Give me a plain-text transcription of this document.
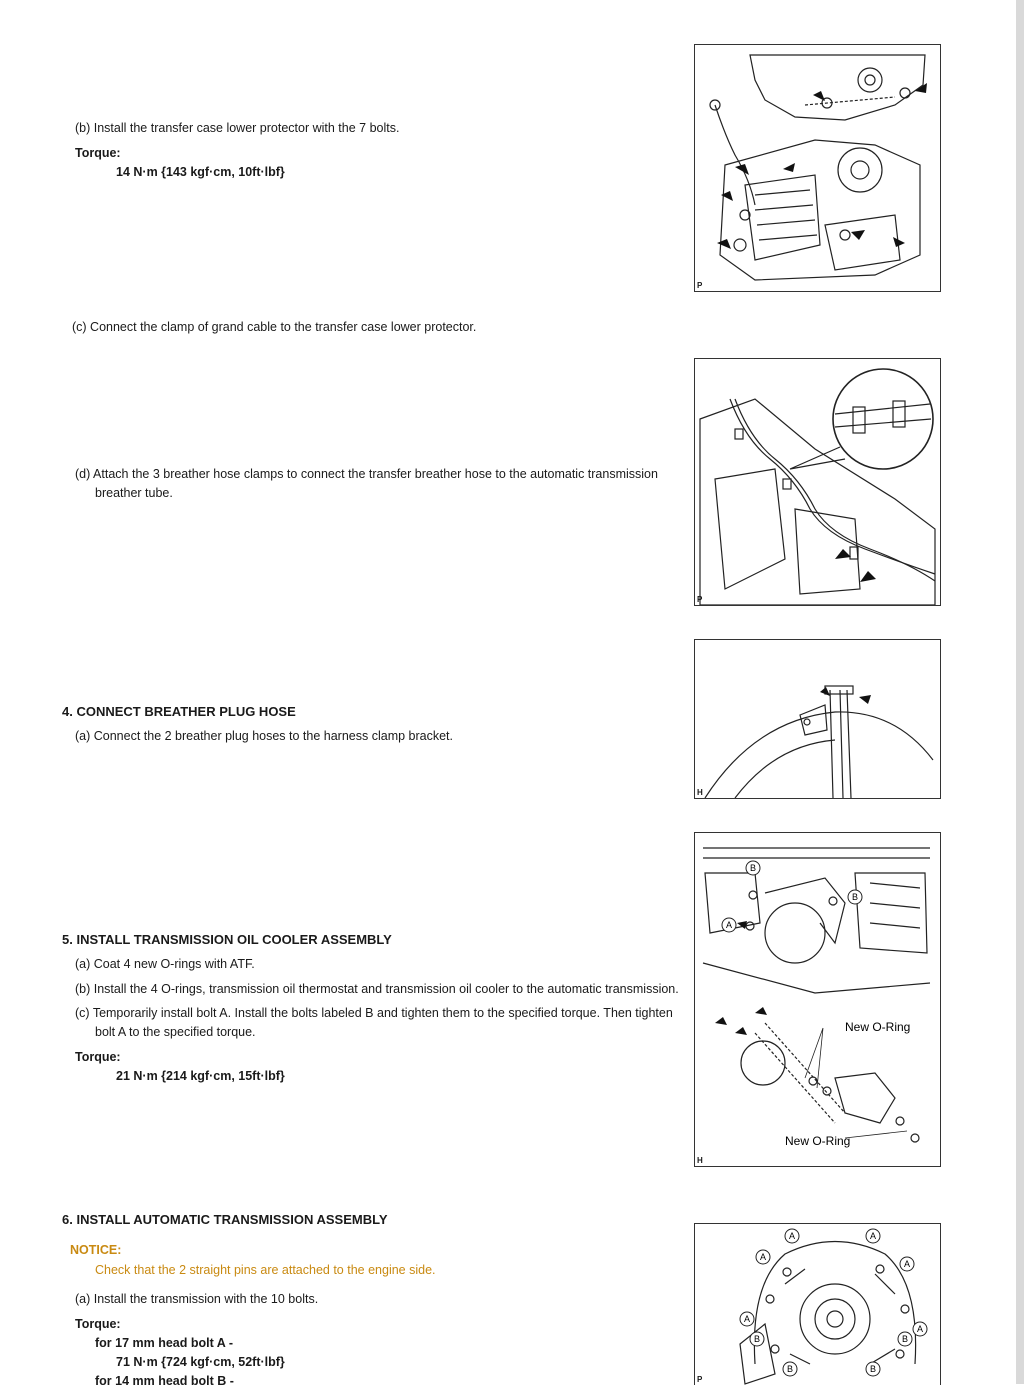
(b) Install the transfer case lower protector with the 7 bolts.
Torque:
14 N·m {143 kgf·cm, 10ft·lbf}
(c) Connect the clamp of grand cable to the transfer case lower protector.
(d) Attach the 3 breather hose clamps to connect the transfer breather hose to the automatic transmission
breather tube.
4. CONNECT BREATHER PLUG HOSE
(a) Connect the 2 breather plug hoses to the harness clamp bracket.
5. INSTALL TRANSMISSION OIL COOLER ASSEMBLY
(a) Coat 4 new O-rings with ATF.
(b) Install the 4 O-rings, transmission oil thermostat and transmission oil cooler to the automatic transmission.
(c) Temporarily install bolt A. Install the bolts labeled B and tighten them to the specified torque. Then tighten
bolt A to the specified torque.
Torque:
21 N·m {214 kgf·cm, 15ft·lbf}
6. INSTALL AUTOMATIC TRANSMISSION ASSEMBLY
NOTICE:
Check that the 2 straight pins are attached to the engine side.
(a) Install the transmission with the 10 bolts.
Torque:
for 17 mm head bolt A -
71 N·m {724 kgf·cm, 52ft·lbf}
for 14 mm head bolt B -
P
P
H
B
B
A
New O-Ring
New O-Ring
H
A	A
A
A
A
A
B	B
B	B
P
